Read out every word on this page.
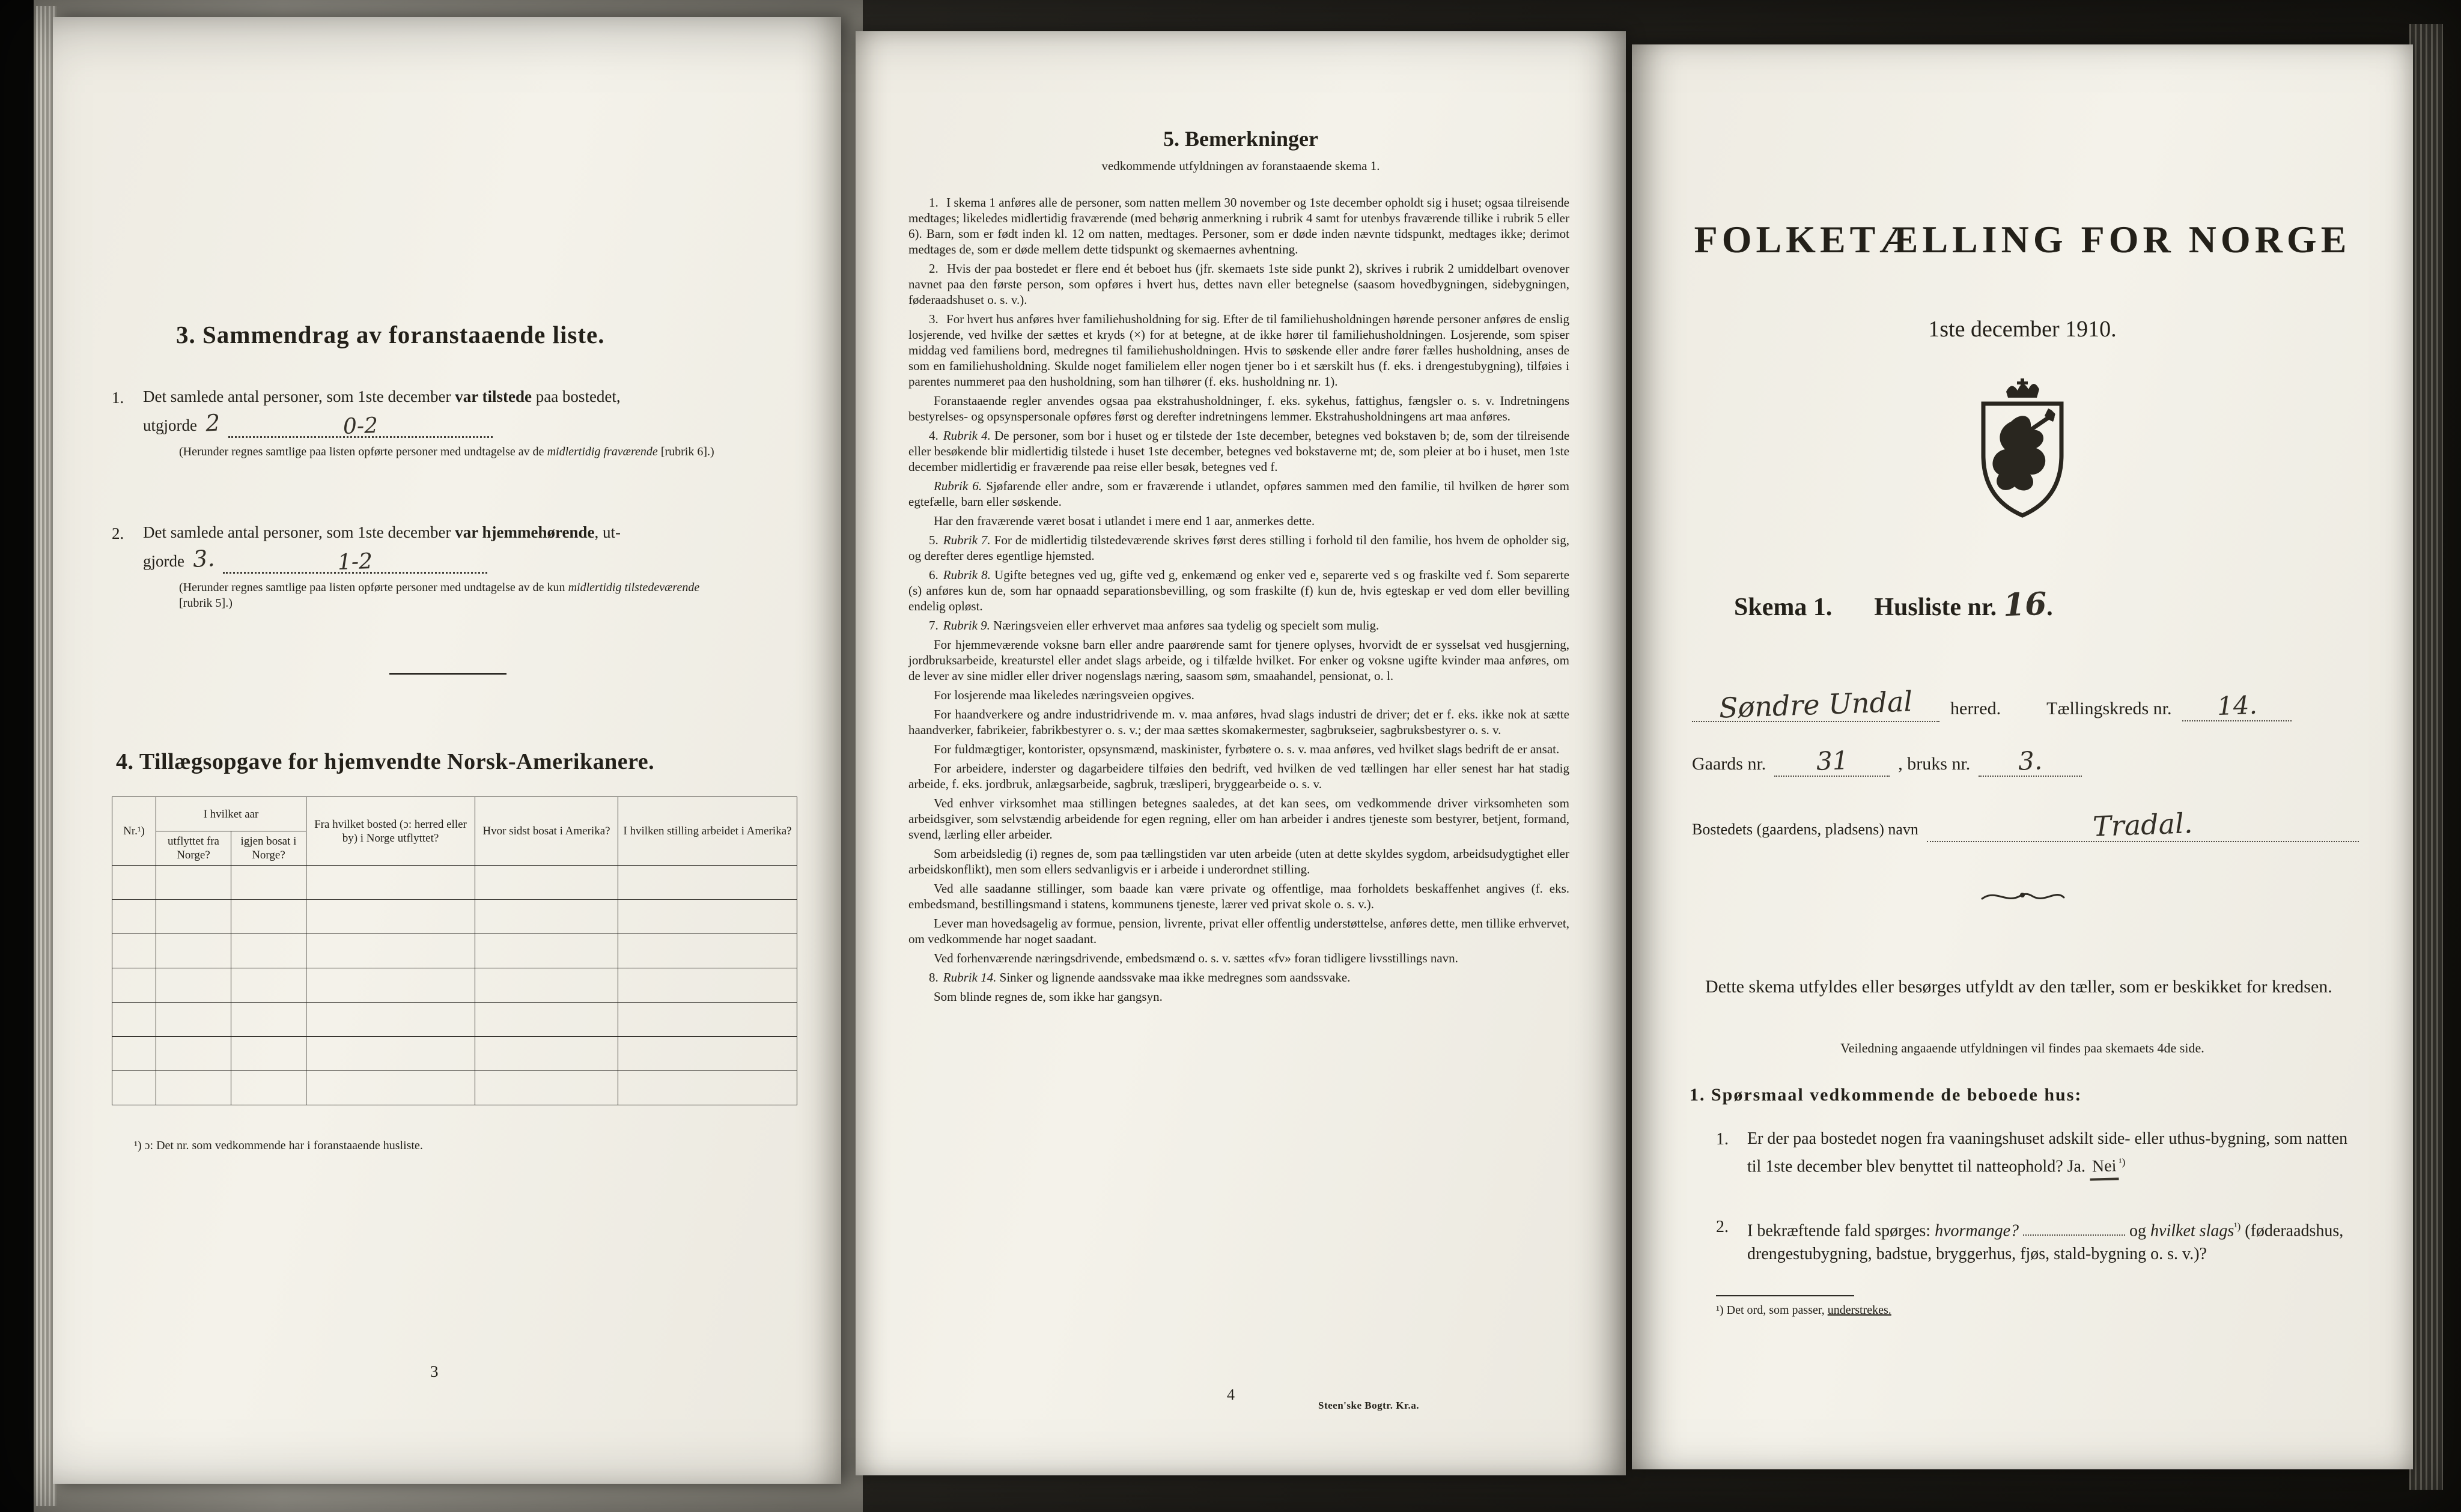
3. Sammendrag av foranstaaende liste.
1. Det samlede antal personer, som 1ste december var tilstede paa bostedet,

utgjorde 2	0-2

(Herunder regnes samtlige paa listen opførte personer med undtagelse av de midlertidig fraværende [rubrik 6].)

2. Det samlede antal personer, som 1ste december var hjemmehørende, ut-

gjorde 3.	1-2

(Herunder regnes samtlige paa listen opførte personer med undtagelse av de kun midlertidig tilstedeværende [rubrik 5].)

4. Tillægsopgave for hjemvendte Norsk-Amerikanere.
Nr.¹)	I hvilket aar		Fra hvilket bosted (ɔ: herred eller by) i Norge utflyttet?	Hvor sidst bosat i Amerika?	I hvilken stilling arbeidet i Amerika?
	utflyttet fra Norge?	igjen bosat i Norge?			

¹) ɔ: Det nr. som vedkommende har i foranstaaende husliste.

3
5. Bemerkninger

vedkommende utfyldningen av foranstaaende skema 1.

1. I skema 1 anføres alle de personer, som natten mellem 30 november og 1ste december opholdt sig i huset; ogsaa tilreisende medtages; likeledes midlertidig fraværende (med behørig anmerkning i rubrik 4 samt for utenbys fraværende tillike i rubrik 5 eller 6). Barn, som er født inden kl. 12 om natten, medtages. Personer, som er døde inden nævnte tidspunkt, medtages ikke; derimot medtages de, som er døde mellem dette tidspunkt og skemaernes avhentning.

2. Hvis der paa bostedet er flere end ét beboet hus (jfr. skemaets 1ste side punkt 2), skrives i rubrik 2 umiddelbart ovenover navnet paa den første person, som opføres i hvert hus, dettes navn eller betegnelse (saasom hovedbygningen, sidebygningen, føderaadshuset o. s. v.).

3. For hvert hus anføres hver familiehusholdning for sig. Efter de til familiehusholdningen hørende personer anføres de enslig losjerende, ved hvilke der sættes et kryds (×) for at betegne, at de ikke hører til familiehusholdningen. Losjerende, som spiser middag ved familiens bord, medregnes til familiehusholdningen. Hvis to søskende eller andre fører fælles husholdning, anses de som en familiehusholdning. Skulde noget familielem eller nogen tjener bo i et særskilt hus (f. eks. i drengestubygning), tilføies i parentes nummeret paa den husholdning, som han tilhører (f. eks. husholdning nr. 1).

Foranstaaende regler anvendes ogsaa paa ekstrahusholdninger, f. eks. sykehus, fattighus, fængsler o. s. v. Indretningens bestyrelses- og opsynspersonale opføres først og derefter indretningens lemmer. Ekstrahusholdningens art maa anføres.

4. Rubrik 4. De personer, som bor i huset og er tilstede der 1ste december, betegnes ved bokstaven b; de, som der tilreisende eller besøkende blir midlertidig tilstede i huset 1ste december, betegnes ved bokstaverne mt; de, som pleier at bo i huset, men 1ste december midlertidig er fraværende paa reise eller besøk, betegnes ved f.

Rubrik 6. Sjøfarende eller andre, som er fraværende i utlandet, opføres sammen med den familie, til hvilken de hører som egtefælle, barn eller søskende.

Har den fraværende været bosat i utlandet i mere end 1 aar, anmerkes dette.

5. Rubrik 7. For de midlertidig tilstedeværende skrives først deres stilling i forhold til den familie, hos hvem de opholder sig, og derefter deres egentlige hjemsted.

6. Rubrik 8. Ugifte betegnes ved ug, gifte ved g, enkemænd og enker ved e, separerte ved s og fraskilte ved f. Som separerte (s) anføres kun de, som har opnaadd separationsbevilling, og som fraskilte (f) kun de, hvis egteskap er ved dom eller bevilling endelig opløst.

7. Rubrik 9. Næringsveien eller erhvervet maa anføres saa tydelig og specielt som mulig.

For hjemmeværende voksne barn eller andre paarørende samt for tjenere oplyses, hvorvidt de er sysselsat ved husgjerning, jordbruksarbeide, kreaturstel eller andet slags arbeide, og i tilfælde hvilket. For enker og voksne ugifte kvinder maa anføres, om de lever av sine midler eller driver nogenslags næring, saasom søm, smaahandel, pensionat, o. l.

For losjerende maa likeledes næringsveien opgives.

For haandverkere og andre industridrivende m. v. maa anføres, hvad slags industri de driver; det er f. eks. ikke nok at sætte haandverker, fabrikeier, fabrikbestyrer o. s. v.; der maa sættes skomakermester, sagbrukseier, sagbruksbestyrer o. s. v.

For fuldmægtiger, kontorister, opsynsmænd, maskinister, fyrbøtere o. s. v. maa anføres, ved hvilket slags bedrift de er ansat.

For arbeidere, inderster og dagarbeidere tilføies den bedrift, ved hvilken de ved tællingen har eller senest har hat stadig arbeide, f. eks. jordbruk, anlægsarbeide, sagbruk, træsliperi, bryggearbeide o. s. v.

Ved enhver virksomhet maa stillingen betegnes saaledes, at det kan sees, om vedkommende driver virksomheten som arbeidsgiver, som selvstændig arbeidende for egen regning, eller om han arbeider i andres tjeneste som bestyrer, betjent, formand, svend, lærling eller arbeider.

Som arbeidsledig (i) regnes de, som paa tællingstiden var uten arbeide (uten at dette skyldes sygdom, arbeidsudygtighet eller arbeidskonflikt), men som ellers sedvanligvis er i arbeide i underordnet stilling.

Ved alle saadanne stillinger, som baade kan være private og offentlige, maa forholdets beskaffenhet angives (f. eks. embedsmand, bestillingsmand i statens, kommunens tjeneste, lærer ved privat skole o. s. v.).

Lever man hovedsagelig av formue, pension, livrente, privat eller offentlig understøttelse, anføres dette, men tillike erhvervet, om vedkommende har noget saadant.

Ved forhenværende næringsdrivende, embedsmænd o. s. v. sættes «fv» foran tidligere livsstillings navn.

8. Rubrik 14. Sinker og lignende aandssvake maa ikke medregnes som aandssvake.

Som blinde regnes de, som ikke har gangsyn.

4
Steen'ske Bogtr. Kr.a.
FOLKETÆLLING FOR NORGE

1ste december 1910.

Skema 1. Husliste nr. 16.
Søndre Undal	herred.	Tællingskreds nr.	14.
Gaards nr.	31	, bruks nr.	3.
Bostedets (gaardens, pladsens) navn	Tradal.

Dette skema utfyldes eller besørges utfyldt av den tæller, som er beskikket for kredsen.

Veiledning angaaende utfyldningen vil findes paa skemaets 4de side.

1. Spørsmaal vedkommende de beboede hus:
1. Er der paa bostedet nogen fra vaaningshuset adskilt side- eller uthus-bygning, som natten til 1ste december blev benyttet til natteophold? Ja. Nei $^{^1)}$
2. I bekræftende fald spørges: hvormange?	og hvilket slags$^{^1)}$ (føderaadshus, drengestubygning, badstue, bryggerhus, fjøs, stald-bygning o. s. v.)?

¹) Det ord, som passer, understrekes.
